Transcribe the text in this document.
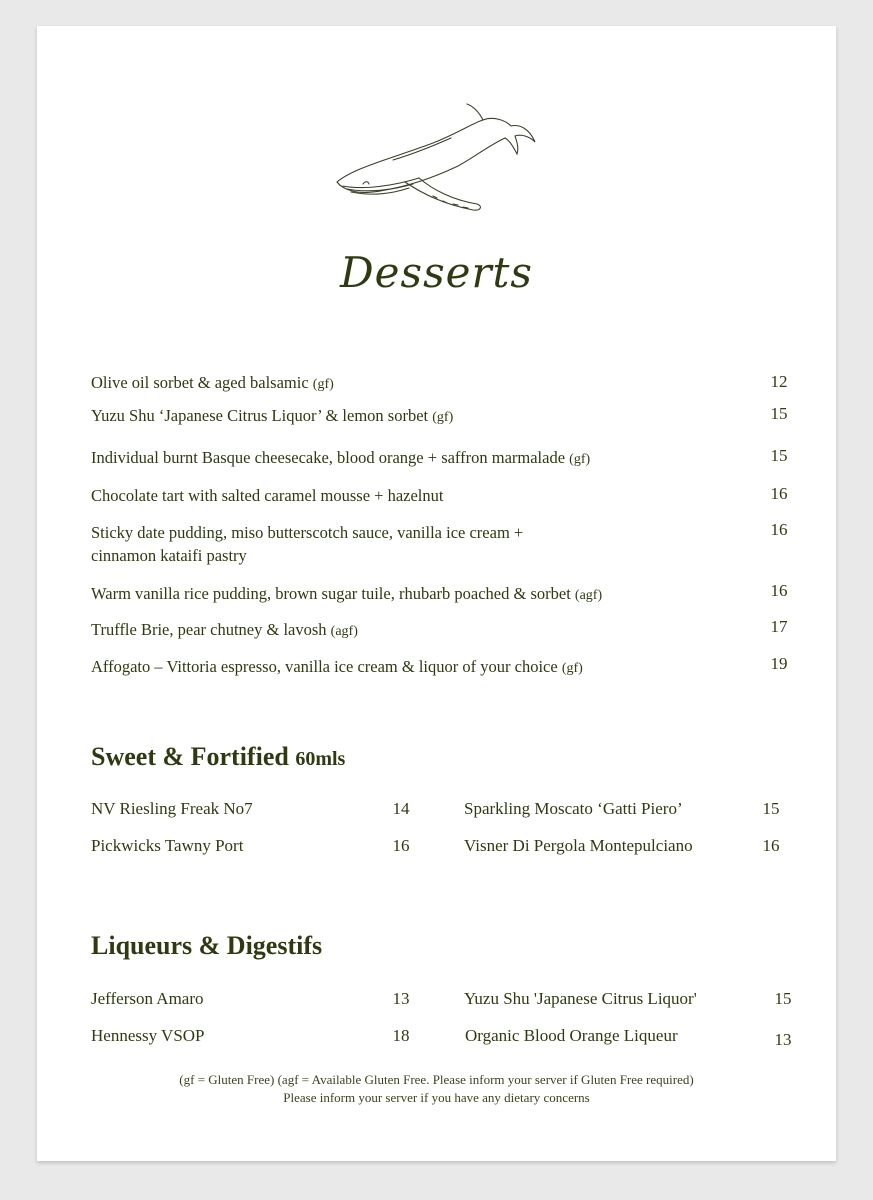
Desserts
Olive oil sorbet & aged balsamic (gf)	12
Yuzu Shu ‘Japanese Citrus Liquor’ & lemon sorbet (gf)	15
Individual burnt Basque cheesecake, blood orange + saffron marmalade (gf)	15
Chocolate tart with salted caramel mousse + hazelnut	16
Sticky date pudding, miso butterscotch sauce, vanilla ice cream +
cinnamon kataifi pastry
16
Warm vanilla rice pudding, brown sugar tuile, rhubarb poached & sorbet (agf)	16
Truffle Brie, pear chutney & lavosh (agf)	17
Affogato – Vittoria espresso, vanilla ice cream & liquor of your choice (gf)	19
Sweet & Fortified 60mls
NV Riesling Freak No7	14	Sparkling Moscato ‘Gatti Piero’	15
Pickwicks Tawny Port	16	Visner Di Pergola Montepulciano	16
Liqueurs & Digestifs
Jefferson Amaro	13	Yuzu Shu 'Japanese Citrus Liquor'	15
Hennessy VSOP	18	Organic Blood Orange Liqueur	13
(gf = Gluten Free) (agf = Available Gluten Free. Please inform your server if Gluten Free required)
Please inform your server if you have any dietary concerns
